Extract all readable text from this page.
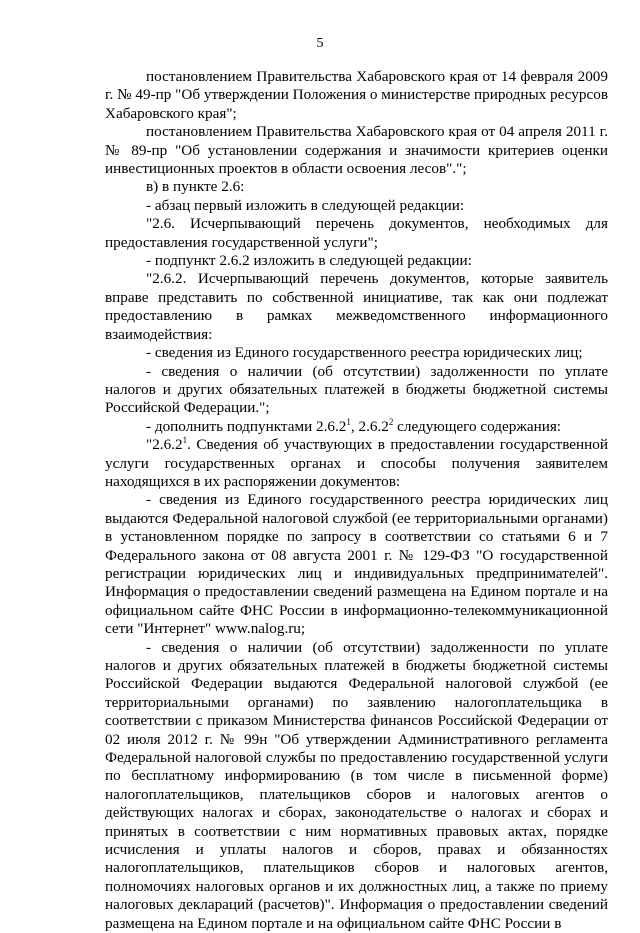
5

постановлением Правительства Хабаровского края от 14 февраля 2009 г. № 49-пр "Об утверждении Положения о министерстве природных ресурсов Хабаровского края";

постановлением Правительства Хабаровского края от 04 апреля 2011 г. № 89-пр "Об установлении содержания и значимости критериев оценки инвестиционных проектов в области освоения лесов".";

в) в пункте 2.6:

- абзац первый изложить в следующей редакции:

"2.6. Исчерпывающий перечень документов, необходимых для предоставления государственной услуги";

- подпункт 2.6.2 изложить в следующей редакции:

"2.6.2. Исчерпывающий перечень документов, которые заявитель вправе представить по собственной инициативе, так как они подлежат предоставлению в рамках межведомственного информационного взаимодействия:

- сведения из Единого государственного реестра юридических лиц;

- сведения о наличии (об отсутствии) задолженности по уплате налогов и других обязательных платежей в бюджеты бюджетной системы Российской Федерации.";

- дополнить подпунктами 2.6.2$^1$, 2.6.2$^2$ следующего содержания:

"2.6.2$^1$. Сведения об участвующих в предоставлении государственной услуги государственных органах и способы получения заявителем находящихся в их распоряжении документов:

- сведения из Единого государственного реестра юридических лиц выдаются Федеральной налоговой службой (ее территориальными органами) в установленном порядке по запросу в соответствии со статьями 6 и 7 Федерального закона от 08 августа 2001 г. № 129-ФЗ "О государственной регистрации юридических лиц и индивидуальных предпринимателей". Информация о предоставлении сведений размещена на Едином портале и на официальном сайте ФНС России в информационно-телекоммуникационной сети "Интернет" www.nalog.ru;

- сведения о наличии (об отсутствии) задолженности по уплате налогов и других обязательных платежей в бюджеты бюджетной системы Российской Федерации выдаются Федеральной налоговой службой (ее территориальными органами) по заявлению налогоплательщика в соответствии с приказом Министерства финансов Российской Федерации от 02 июля 2012 г. № 99н "Об утверждении Административного регламента Федеральной налоговой службы по предоставлению государственной услуги по бесплатному информированию (в том числе в письменной форме) налогоплательщиков, плательщиков сборов и налоговых агентов о действующих налогах и сборах, законодательстве о налогах и сборах и принятых в соответствии с ним нормативных правовых актах, порядке исчисления и уплаты налогов и сборов, правах и обязанностях налогоплательщиков, плательщиков сборов и налоговых агентов, полномочиях налоговых органов и их должностных лиц, а также по приему налоговых деклараций (расчетов)". Информация о предоставлении сведений размещена на Едином портале и на официальном сайте ФНС России в
